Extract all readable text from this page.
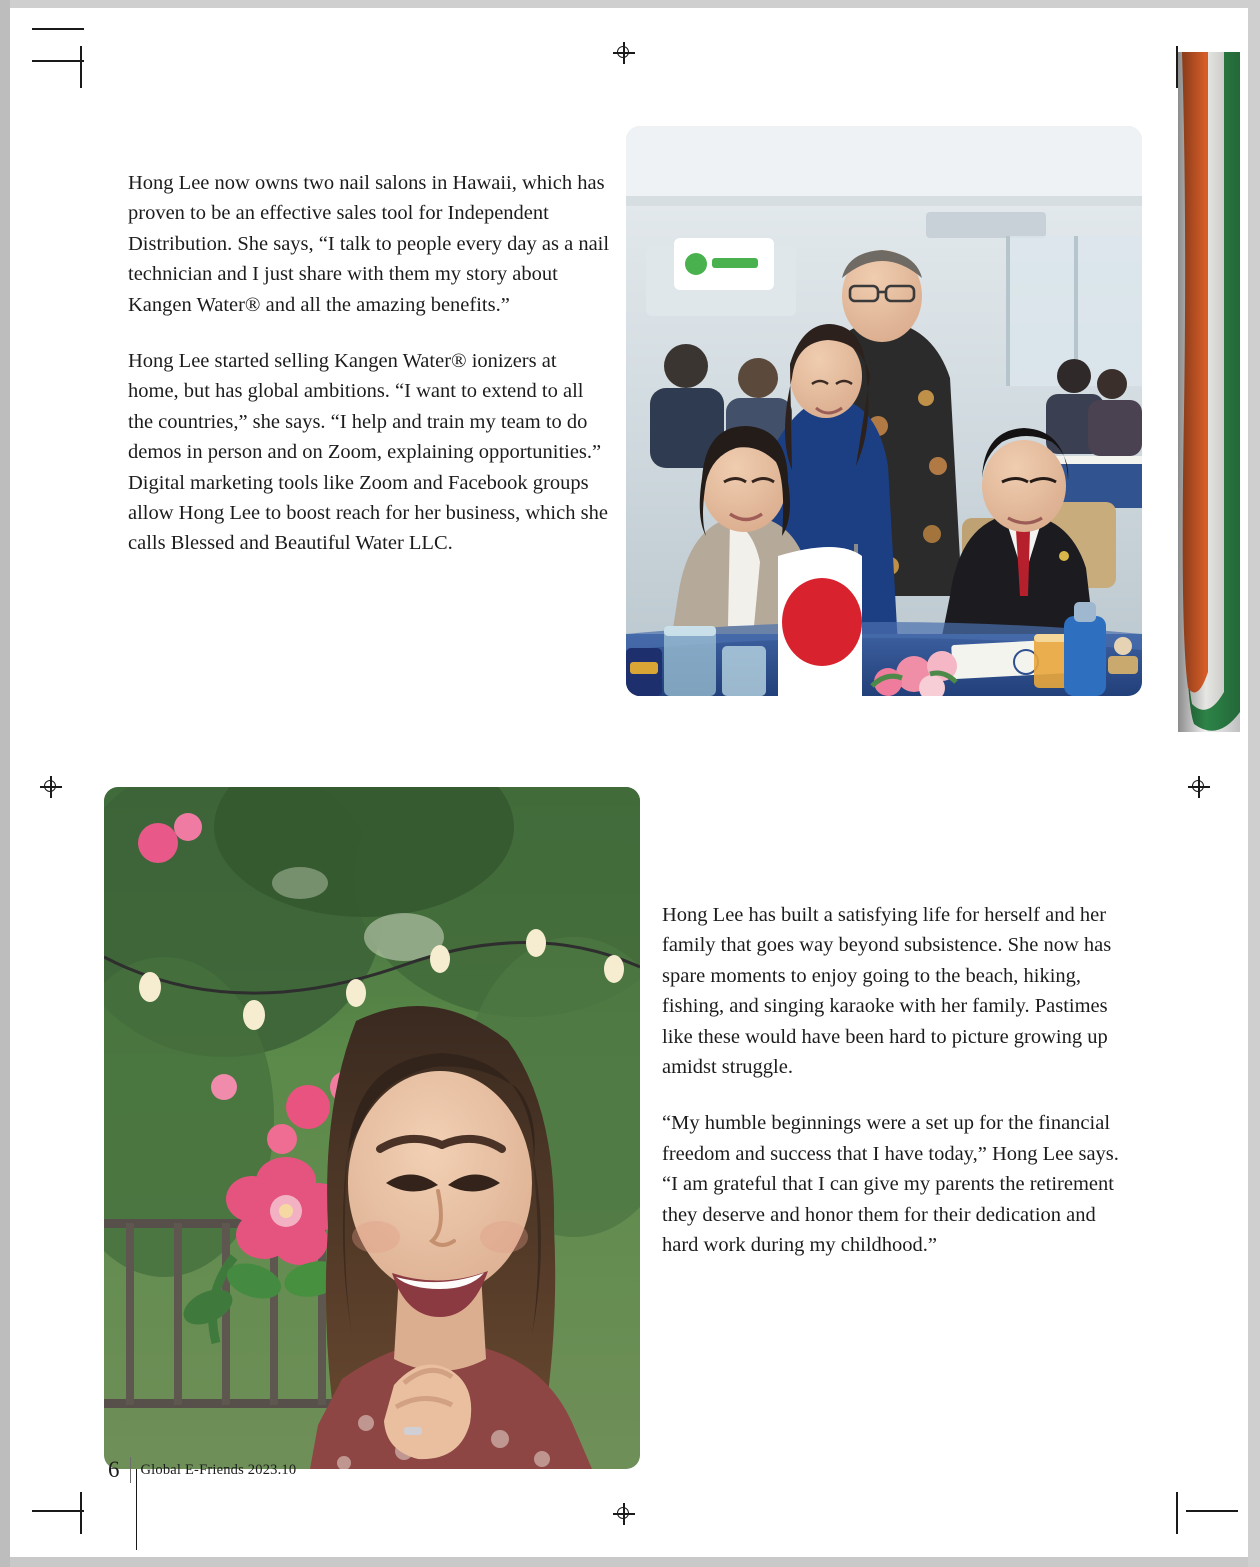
Hong Lee now owns two nail salons in Hawaii, which has proven to be an effective sales tool for Independent Distribution. She says, “I talk to people every day as a nail technician and I just share with them my story about Kangen Water® and all the amazing benefits.”

Hong Lee started selling Kangen Water® ionizers at home, but has global ambitions. “I want to extend to all the countries,” she says. “I help and train my team to do demos in person and on Zoom, explaining opportunities.” Digital marketing tools like Zoom and Facebook groups allow Hong Lee to boost reach for her business, which she calls Blessed and Beautiful Water LLC.

Hong Lee has built a satisfying life for herself and her family that goes way beyond subsistence. She now has spare moments to enjoy going to the beach, hiking, fishing, and singing karaoke with her family. Pastimes like these would have been hard to picture growing up amidst struggle.

“My humble beginnings were a set up for the financial freedom and success that I have today,” Hong Lee says. “I am grateful that I can give my parents the retirement they deserve and honor them for their dedication and hard work during my childhood.”

6 Global E-Friends 2023.10
